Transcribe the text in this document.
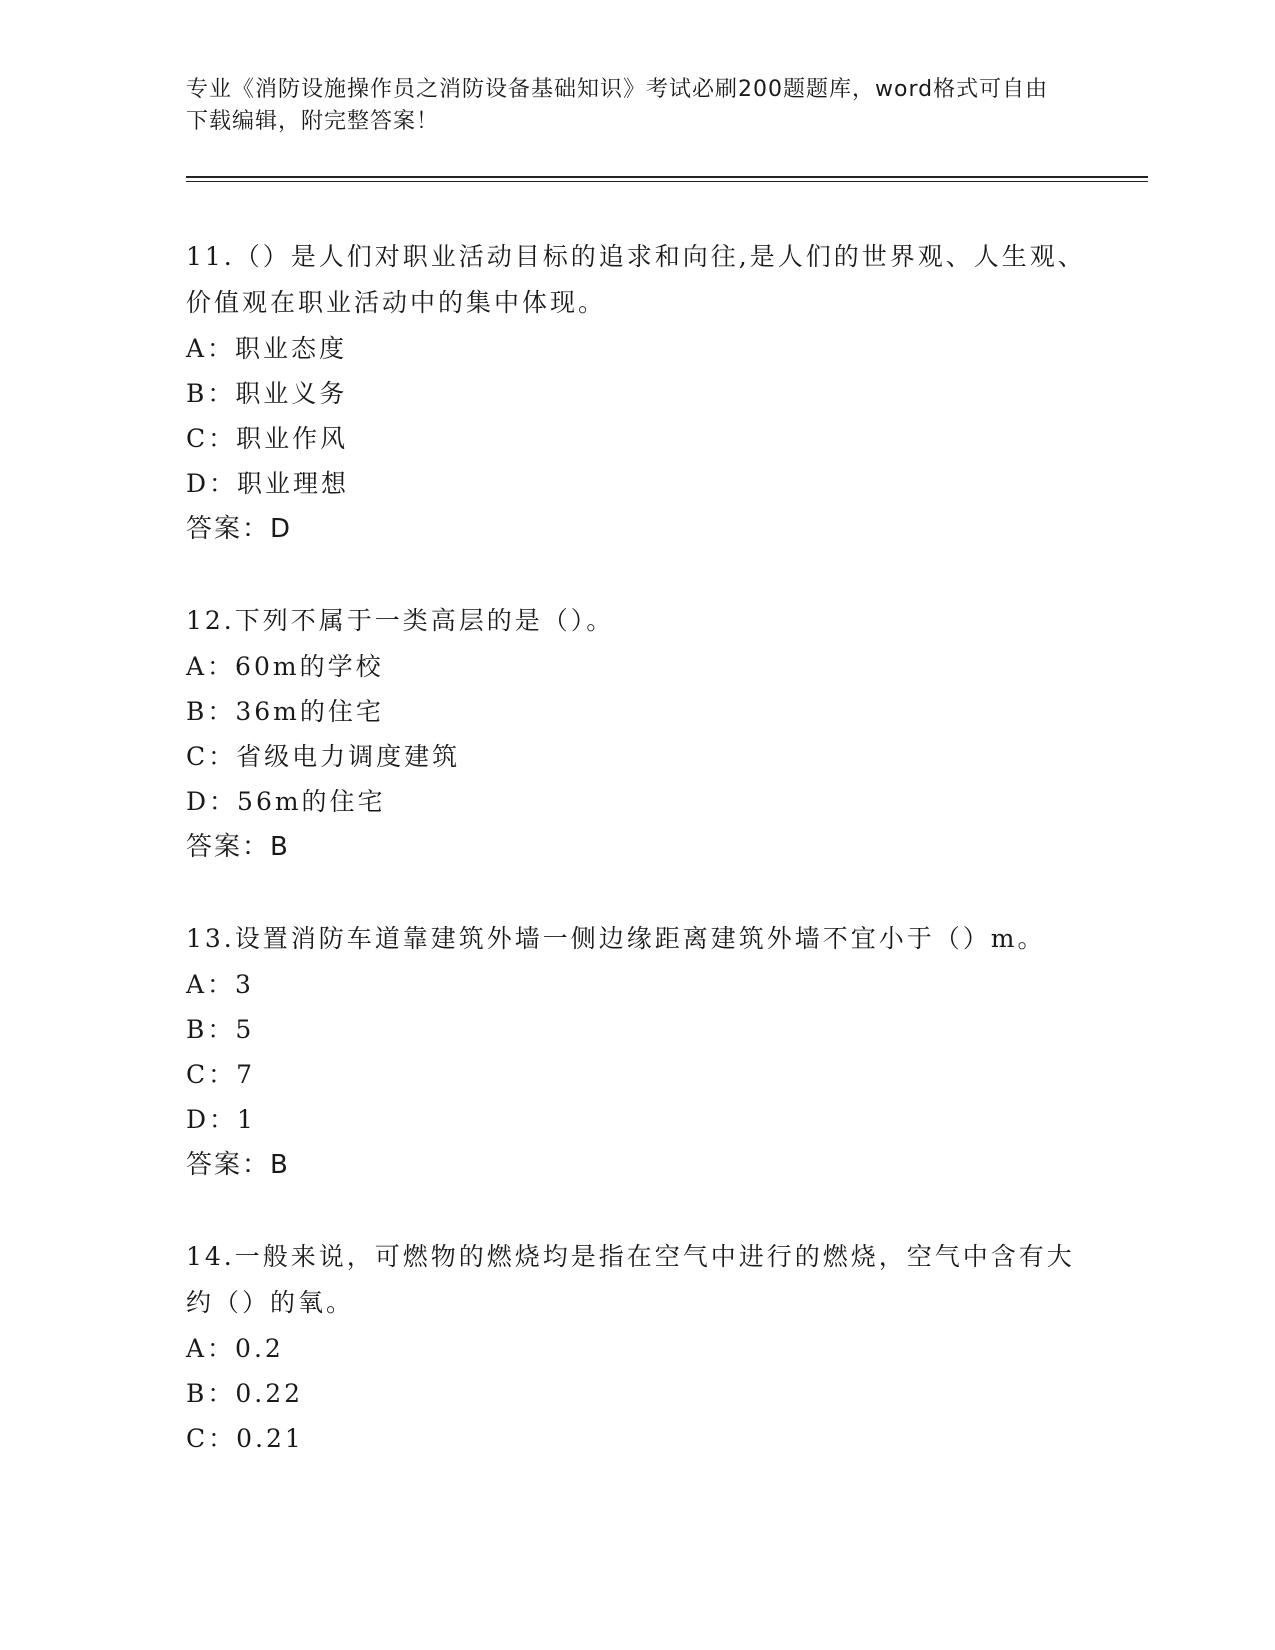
专业《消防设施操作员之消防设备基础知识》考试必刷200题题库，word格式可自由下载编辑，附完整答案！

11.（）是人们对职业活动目标的追求和向往,是人们的世界观、人生观、价值观在职业活动中的集中体现。

A：职业态度
B：职业义务
C：职业作风
D：职业理想
答案：D

12.下列不属于一类高层的是（）。

A：60m的学校
B：36m的住宅
C：省级电力调度建筑
D：56m的住宅
答案：B

13.设置消防车道靠建筑外墙一侧边缘距离建筑外墙不宜小于（）m。

A：3
B：5
C：7
D：1
答案：B

14.一般来说，可燃物的燃烧均是指在空气中进行的燃烧，空气中含有大约（）的氧。

A：0.2
B：0.22
C：0.21
